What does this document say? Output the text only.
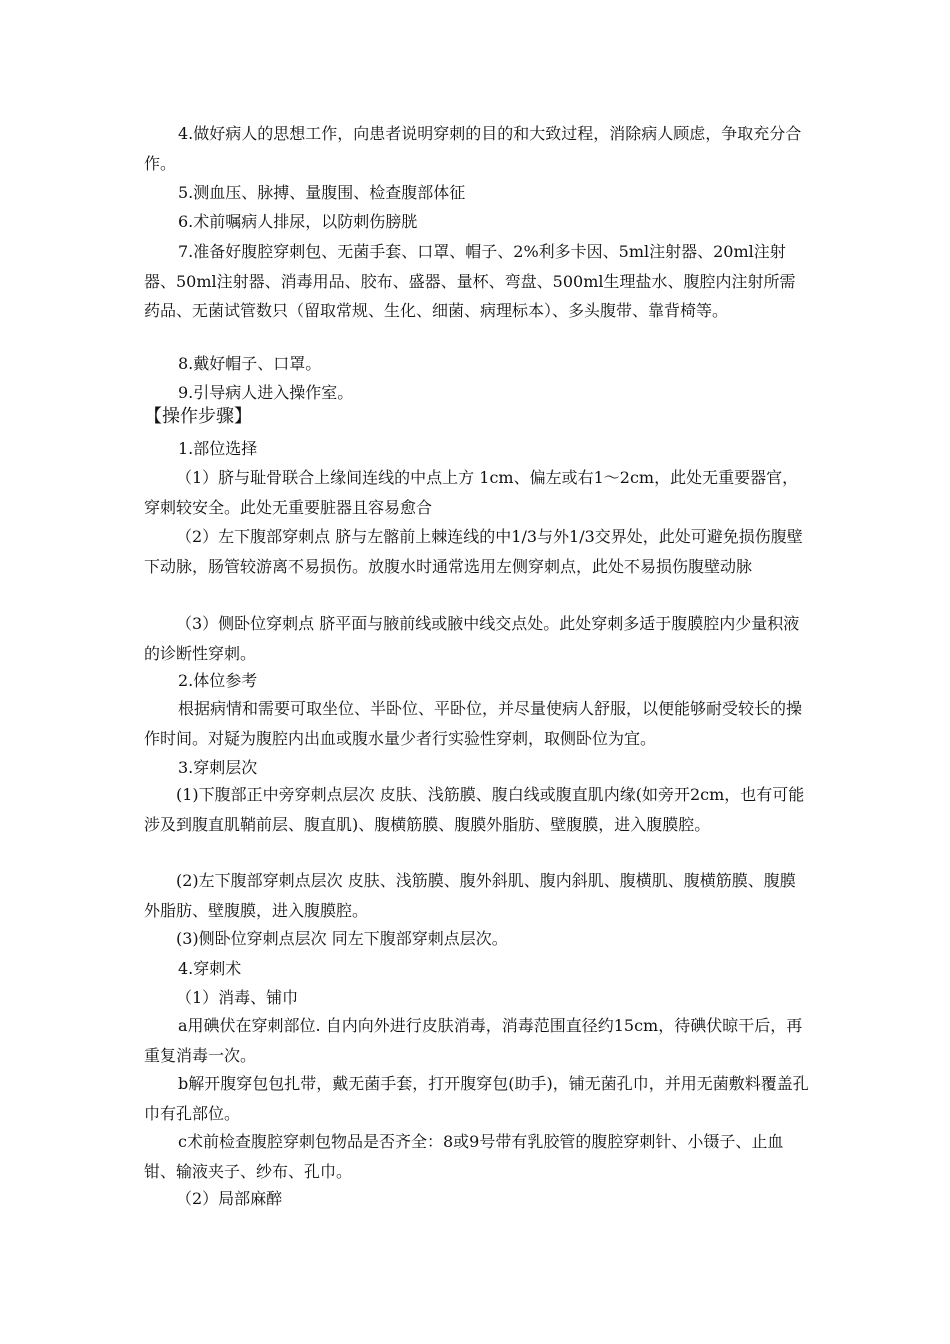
4.做好病人的思想工作，向患者说明穿刺的目的和大致过程，消除病人顾虑，争取充分合作。

5.测血压、脉搏、量腹围、检查腹部体征

6.术前嘱病人排尿，以防刺伤膀胱

7.准备好腹腔穿刺包、无菌手套、口罩、帽子、2%利多卡因、5ml注射器、20ml注射器、50ml注射器、消毒用品、胶布、盛器、量杯、弯盘、500ml生理盐水、腹腔内注射所需药品、无菌试管数只（留取常规、生化、细菌、病理标本）、多头腹带、靠背椅等。

8.戴好帽子、口罩。

9.引导病人进入操作室。

【操作步骤】

1.部位选择

（1）脐与耻骨联合上缘间连线的中点上方 1cm、偏左或右1～2cm，此处无重要器官，穿刺较安全。此处无重要脏器且容易愈合

（2）左下腹部穿刺点 脐与左髂前上棘连线的中1/3与外1/3交界处，此处可避免损伤腹壁下动脉，肠管较游离不易损伤。放腹水时通常选用左侧穿刺点，此处不易损伤腹壁动脉

（3）侧卧位穿刺点 脐平面与腋前线或腋中线交点处。此处穿刺多适于腹膜腔内少量积液的诊断性穿刺。

2.体位参考

根据病情和需要可取坐位、半卧位、平卧位，并尽量使病人舒服，以便能够耐受较长的操作时间。对疑为腹腔内出血或腹水量少者行实验性穿刺，取侧卧位为宜。

3.穿刺层次

(1)下腹部正中旁穿刺点层次 皮肤、浅筋膜、腹白线或腹直肌内缘(如旁开2cm，也有可能涉及到腹直肌鞘前层、腹直肌)、腹横筋膜、腹膜外脂肪、壁腹膜，进入腹膜腔。

(2)左下腹部穿刺点层次 皮肤、浅筋膜、腹外斜肌、腹内斜肌、腹横肌、腹横筋膜、腹膜外脂肪、壁腹膜，进入腹膜腔。

(3)侧卧位穿刺点层次 同左下腹部穿刺点层次。

4.穿刺术

（1）消毒、铺巾

a用碘伏在穿刺部位. 自内向外进行皮肤消毒，消毒范围直径约15cm，待碘伏晾干后，再重复消毒一次。

b解开腹穿包包扎带，戴无菌手套，打开腹穿包(助手)，铺无菌孔巾，并用无菌敷料覆盖孔巾有孔部位。

c术前检查腹腔穿刺包物品是否齐全：8或9号带有乳胶管的腹腔穿刺针、小镊子、止血钳、输液夹子、纱布、孔巾。

（2）局部麻醉
